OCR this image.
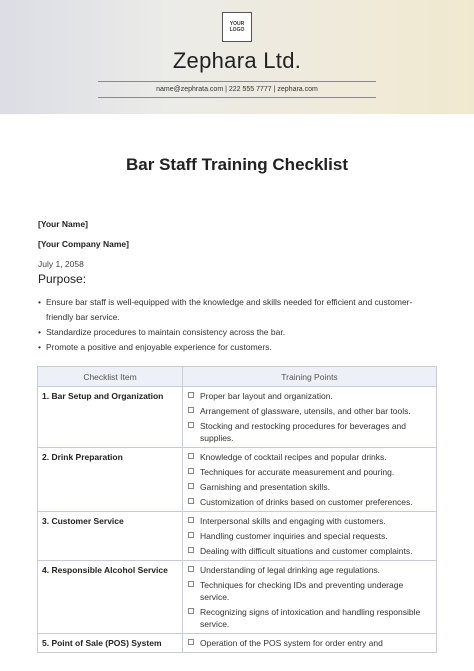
YOUR
LOGO
Zephara Ltd.
name@zephrata.com | 222 555 7777 | zephara.com
Bar Staff Training Checklist
[Your Name]
[Your Company Name]
July 1, 2058
Purpose:
• Ensure bar staff is well-equipped with the knowledge and skills needed for efficient and customer-friendly bar service.
• Standardize procedures to maintain consistency across the bar.
• Promote a positive and enjoyable experience for customers.
Checklist Item	Training Points
1. Bar Setup and Organization	Proper bar layout and organization.
Arrangement of glassware, utensils, and other bar tools.
Stocking and restocking procedures for beverages and supplies.

2. Drink Preparation	Knowledge of cocktail recipes and popular drinks.
Techniques for accurate measurement and pouring.
Garnishing and presentation skills.
Customization of drinks based on customer preferences.

3. Customer Service	Interpersonal skills and engaging with customers.
Handling customer inquiries and special requests.
Dealing with difficult situations and customer complaints.

4. Responsible Alcohol Service	Understanding of legal drinking age regulations.
Techniques for checking IDs and preventing underage service.
Recognizing signs of intoxication and handling responsible service.

5. Point of Sale (POS) System	Operation of the POS system for order entry and
